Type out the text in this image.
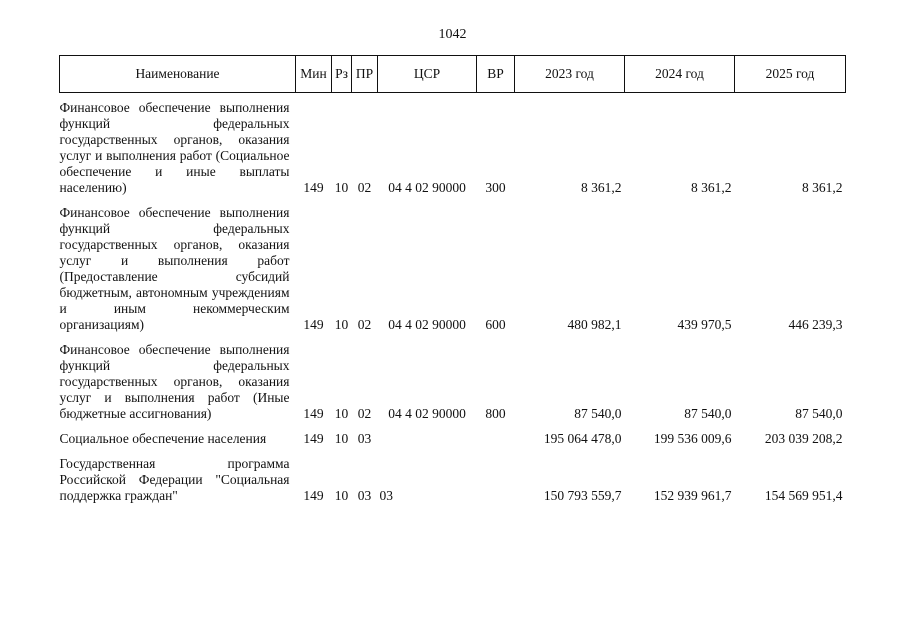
1042
Наименование	Мин	Рз	ПР	ЦСР	ВР	2023 год	2024 год	2025 год
Финансовое обеспечение выполнения функций федеральных государственных органов, оказания услуг и выполнения работ (Социальное обеспечение и иные выплаты населению)	149	10	02	04 4 02 90000	300	8 361,2	8 361,2	8 361,2
Финансовое обеспечение выполнения функций федеральных государственных органов, оказания услуг и выполнения работ (Предоставление субсидий бюджетным, автономным учреждениям и иным некоммерческим организациям)	149	10	02	04 4 02 90000	600	480 982,1	439 970,5	446 239,3
Финансовое обеспечение выполнения функций федеральных государственных органов, оказания услуг и выполнения работ (Иные бюджетные ассигнования)	149	10	02	04 4 02 90000	800	87 540,0	87 540,0	87 540,0
Социальное обеспечение населения	149	10	03			195 064 478,0	199 536 009,6	203 039 208,2
Государственная программа Российской Федерации "Социальная поддержка граждан"	149	10	03	03		150 793 559,7	152 939 961,7	154 569 951,4
